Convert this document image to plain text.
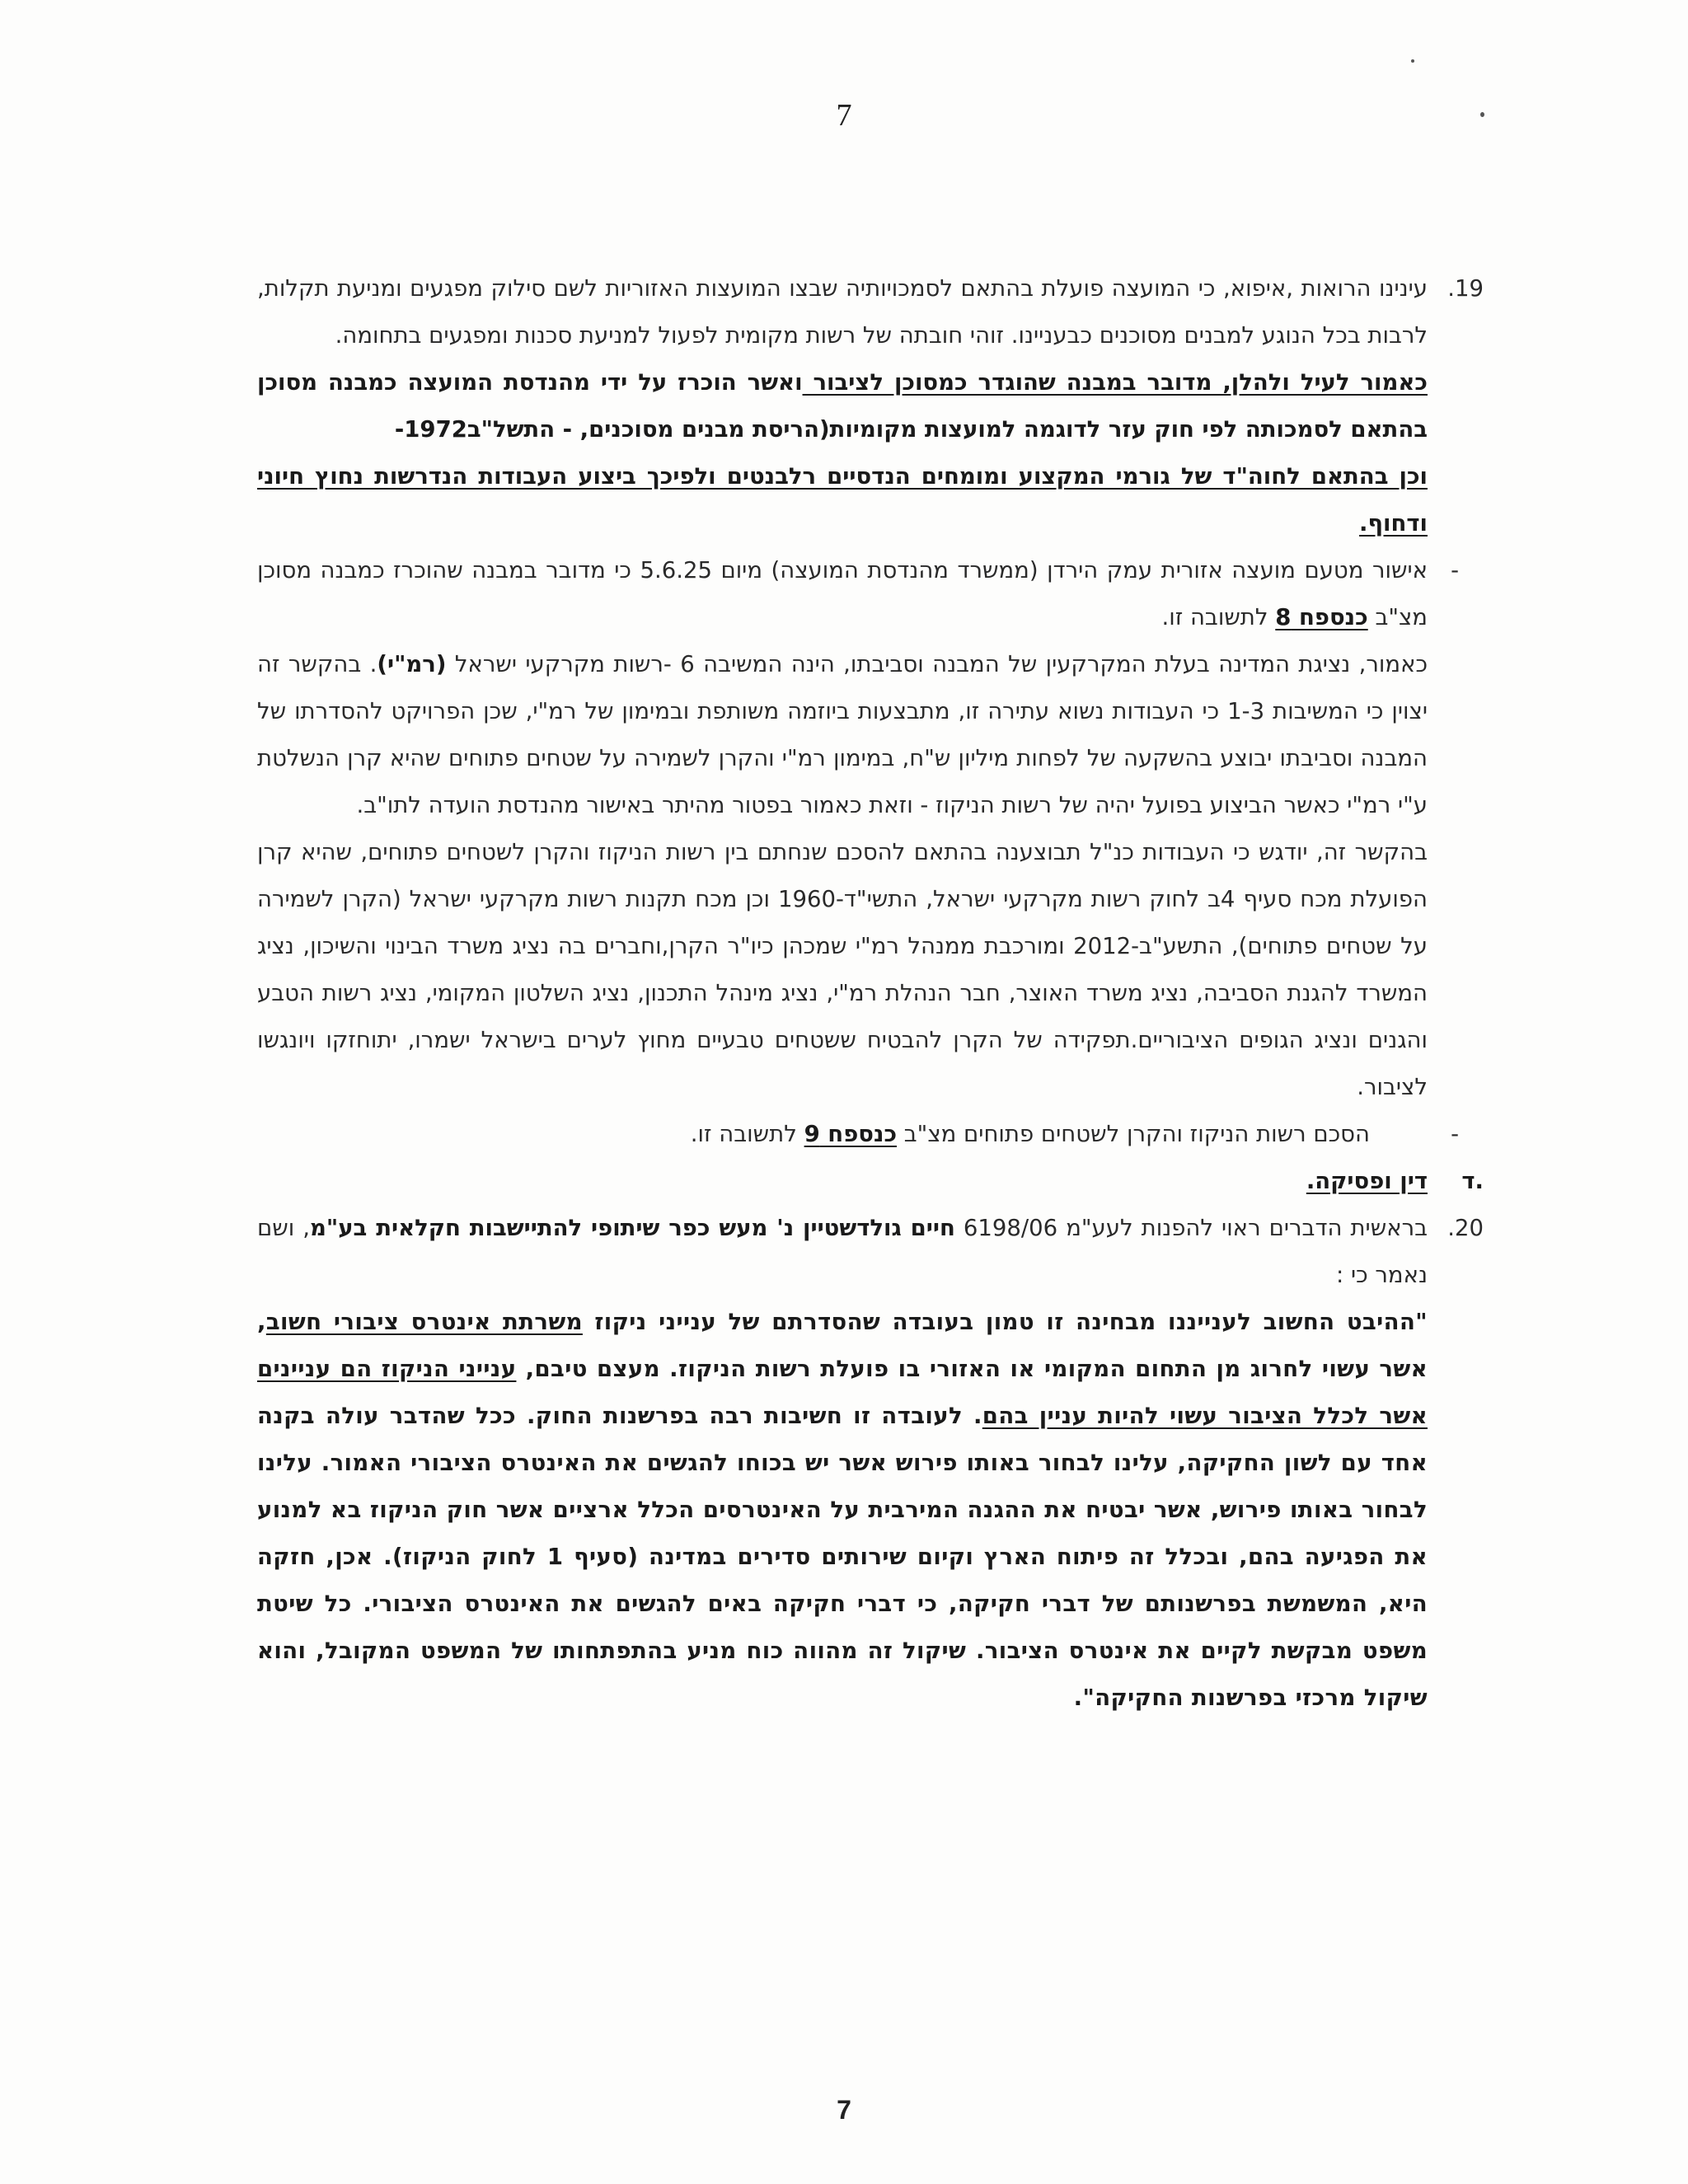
7

.19
עינינו הרואות ,איפוא, כי המועצה פועלת בהתאם לסמכויותיה שבצו המועצות האזוריות לשם סילוק מפגעים ומניעת תקלות, לרבות בכל הנוגע למבנים מסוכנים כבעניינו. זוהי חובתה של רשות מקומית לפעול למניעת סכנות ומפגעים בתחומה.

כאמור לעיל ולהלן, מדובר במבנה שהוגדר כמסוכן לציבור ואשר הוכרז על ידי מהנדסת המועצה כמבנה מסוכן בהתאם לסמכותה לפי חוק עזר לדוגמה למועצות מקומיות(הריסת מבנים מסוכנים, - התשל"ב1972-

וכן בהתאם לחוה"ד של גורמי המקצוע ומומחים הנדסיים רלבנטים ולפיכך ביצוע העבודות הנדרשות נחוץ חיוני ודחוף.

-
אישור מטעם מועצה אזורית עמק הירדן (ממשרד מהנדסת המועצה) מיום 5.6.25 כי מדובר במבנה שהוכרז כמבנה מסוכן מצ"ב כנספח 8 לתשובה זו.

כאמור, נציגת המדינה בעלת המקרקעין של המבנה וסביבתו, הינה המשיבה 6 -רשות מקרקעי ישראל (רמ"י). בהקשר זה יצוין כי המשיבות 1-3 כי העבודות נשוא עתירה זו, מתבצעות ביוזמה משותפת ובמימון של רמ"י, שכן הפרויקט להסדרתו של המבנה וסביבתו יבוצע בהשקעה של לפחות מיליון ש"ח, במימון רמ"י והקרן לשמירה על שטחים פתוחים שהיא קרן הנשלטת ע"י רמ"י כאשר הביצוע בפועל יהיה של רשות הניקוז - וזאת כאמור בפטור מהיתר באישור מהנדסת הועדה לתו"ב.

בהקשר זה, יודגש כי העבודות כנ"ל תבוצענה בהתאם להסכם שנחתם בין רשות הניקוז והקרן לשטחים פתוחים, שהיא קרן הפועלת מכח סעיף 4ב לחוק רשות מקרקעי ישראל, התשי"ד-1960 וכן מכח תקנות רשות מקרקעי ישראל (הקרן לשמירה על שטחים פתוחים), התשע"ב-2012 ומורכבת ממנהל רמ"י שמכהן כיו"ר הקרן,וחברים בה נציג משרד הבינוי והשיכון, נציג המשרד להגנת הסביבה, נציג משרד האוצר, חבר הנהלת רמ"י, נציג מינהל התכנון, נציג השלטון המקומי, נציג רשות הטבע והגנים ונציג הגופים הציבוריים.תפקידה של הקרן להבטיח ששטחים טבעיים מחוץ לערים בישראל ישמרו, יתוחזקו ויונגשו לציבור.

-
הסכם רשות הניקוז והקרן לשטחים פתוחים מצ"ב כנספח 9 לתשובה זו.

ד.
דין ופסיקה.

.20
בראשית הדברים ראוי להפנות לעע"מ 6198/06 חיים גולדשטיין נ' מעש כפר שיתופי להתיישבות חקלאית בע"מ, ושם נאמר כי :

"ההיבט החשוב לענייננו מבחינה זו טמון בעובדה שהסדרתם של ענייני ניקוז משרתת אינטרס ציבורי חשוב, אשר עשוי לחרוג מן התחום המקומי או האזורי בו פועלת רשות הניקוז. מעצם טיבם, ענייני הניקוז הם עניינים אשר לכלל הציבור עשוי להיות עניין בהם. לעובדה זו חשיבות רבה בפרשנות החוק. ככל שהדבר עולה בקנה אחד עם לשון החקיקה, עלינו לבחור באותו פירוש אשר יש בכוחו להגשים את האינטרס הציבורי האמור. עלינו לבחור באותו פירוש, אשר יבטיח את ההגנה המירבית על האינטרסים הכלל ארציים אשר חוק הניקוז בא למנוע את הפגיעה בהם, ובכלל זה פיתוח הארץ וקיום שירותים סדירים במדינה (סעיף 1 לחוק הניקוז). אכן, חזקה היא, המשמשת בפרשנותם של דברי חקיקה, כי דברי חקיקה באים להגשים את האינטרס הציבורי. כל שיטת משפט מבקשת לקיים את אינטרס הציבור. שיקול זה מהווה כוח מניע בהתפתחותו של המשפט המקובל, והוא שיקול מרכזי בפרשנות החקיקה".

7
